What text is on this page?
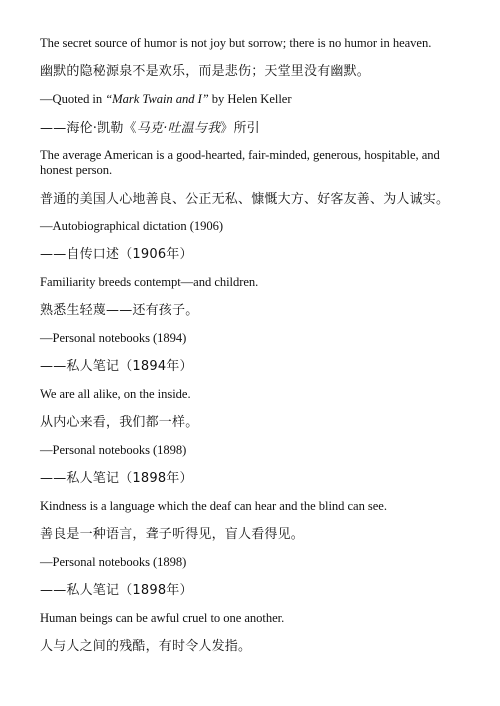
The secret source of humor is not joy but sorrow; there is no humor in heaven.
幽默的隐秘源泉不是欢乐，而是悲伤；天堂里没有幽默。
—Quoted in “Mark Twain and I” by Helen Keller
——海伦·凯勒《马克·吐温与我》所引
The average American is a good-hearted, fair-minded, generous, hospitable, and honest person.
普通的美国人心地善良、公正无私、慷慨大方、好客友善、为人诚实。
—Autobiographical dictation (1906)
——自传口述（1906年）
Familiarity breeds contempt—and children.
熟悉生轻蔑——还有孩子。
—Personal notebooks (1894)
——私人笔记（1894年）
We are all alike, on the inside.
从内心来看，我们都一样。
—Personal notebooks (1898)
——私人笔记（1898年）
Kindness is a language which the deaf can hear and the blind can see.
善良是一种语言，聋子听得见，盲人看得见。
—Personal notebooks (1898)
——私人笔记（1898年）
Human beings can be awful cruel to one another.
人与人之间的残酷，有时令人发指。
